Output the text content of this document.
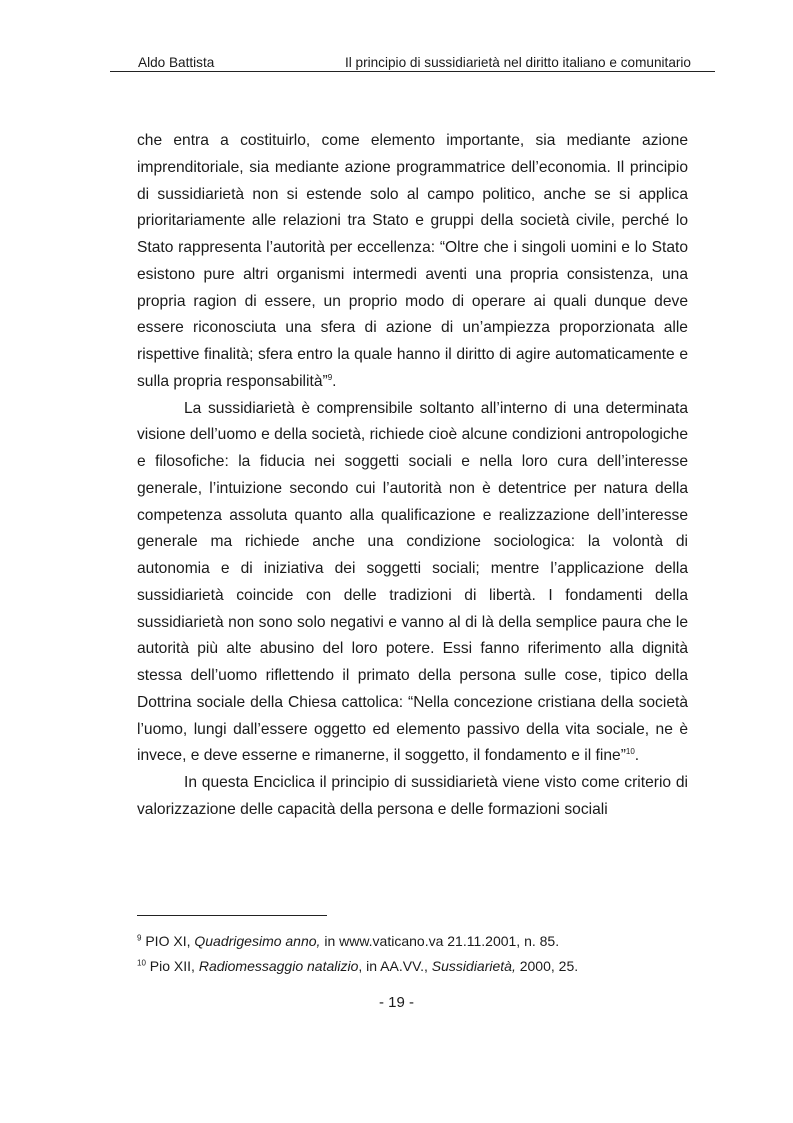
Aldo Battista	Il principio di sussidiarietà nel diritto italiano e comunitario

che entra a costituirlo, come elemento importante, sia mediante azione imprenditoriale, sia mediante azione programmatrice dell’economia. Il principio di sussidiarietà non si estende solo al campo politico, anche se si applica prioritariamente alle relazioni tra Stato e gruppi della società civile, perché lo Stato rappresenta l’autorità per eccellenza: “Oltre che i singoli uomini e lo Stato esistono pure altri organismi intermedi aventi una propria consistenza, una propria ragion di essere, un proprio modo di operare ai quali dunque deve essere riconosciuta una sfera di azione di un’ampiezza proporzionata alle rispettive finalità; sfera entro la quale hanno il diritto di agire automaticamente e sulla propria responsabilità”$^9$.

La sussidiarietà è comprensibile soltanto all’interno di una determinata visione dell’uomo e della società, richiede cioè alcune condizioni antropologiche e filosofiche: la fiducia nei soggetti sociali e nella loro cura dell’interesse generale, l’intuizione secondo cui l’autorità non è detentrice per natura della competenza assoluta quanto alla qualificazione e realizzazione dell’interesse generale ma richiede anche una condizione sociologica: la volontà di autonomia e di iniziativa dei soggetti sociali; mentre l’applicazione della sussidiarietà coincide con delle tradizioni di libertà. I fondamenti della sussidiarietà non sono solo negativi e vanno al di là della semplice paura che le autorità più alte abusino del loro potere. Essi fanno riferimento alla dignità stessa dell’uomo riflettendo il primato della persona sulle cose, tipico della Dottrina sociale della Chiesa cattolica: “Nella concezione cristiana della società l’uomo, lungi dall’essere oggetto ed elemento passivo della vita sociale, ne è invece, e deve esserne e rimanerne, il soggetto, il fondamento e il fine”$^{10}$.

In questa Enciclica il principio di sussidiarietà viene visto come criterio di valorizzazione delle capacità della persona e delle formazioni sociali

$^9$ PIO XI, Quadrigesimo anno, in www.vaticano.va 21.11.2001, n. 85.
$^{10}$ Pio XII, Radiomessaggio natalizio, in AA.VV., Sussidiarietà, 2000, 25.
- 19 -
